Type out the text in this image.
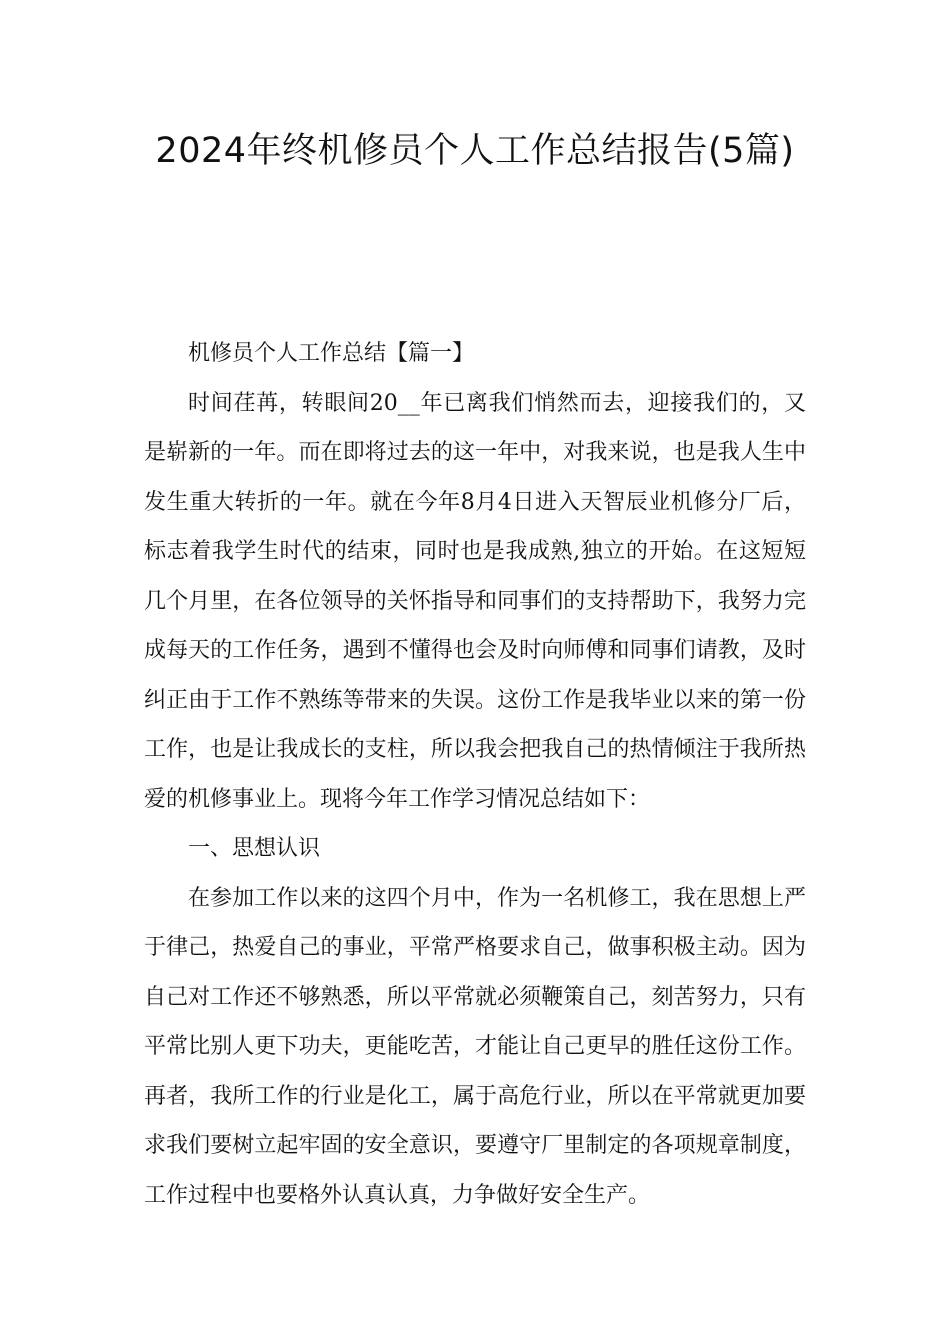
2024年终机修员个人工作总结报告(5篇)

机修员个人工作总结【篇一】

时间荏苒，转眼间20__年已离我们悄然而去，迎接我们的，又是崭新的一年。而在即将过去的这一年中，对我来说，也是我人生中发生重大转折的一年。就在今年8月4日进入天智辰业机修分厂后，标志着我学生时代的结束，同时也是我成熟,独立的开始。在这短短几个月里，在各位领导的关怀指导和同事们的支持帮助下，我努力完成每天的工作任务，遇到不懂得也会及时向师傅和同事们请教，及时纠正由于工作不熟练等带来的失误。这份工作是我毕业以来的第一份工作，也是让我成长的支柱，所以我会把我自己的热情倾注于我所热爱的机修事业上。现将今年工作学习情况总结如下：

一、思想认识

在参加工作以来的这四个月中，作为一名机修工，我在思想上严于律己，热爱自己的事业，平常严格要求自己，做事积极主动。因为自己对工作还不够熟悉，所以平常就必须鞭策自己，刻苦努力，只有平常比别人更下功夫，更能吃苦，才能让自己更早的胜任这份工作。再者，我所工作的行业是化工，属于高危行业，所以在平常就更加要求我们要树立起牢固的安全意识，要遵守厂里制定的各项规章制度，工作过程中也要格外认真认真，力争做好安全生产。
